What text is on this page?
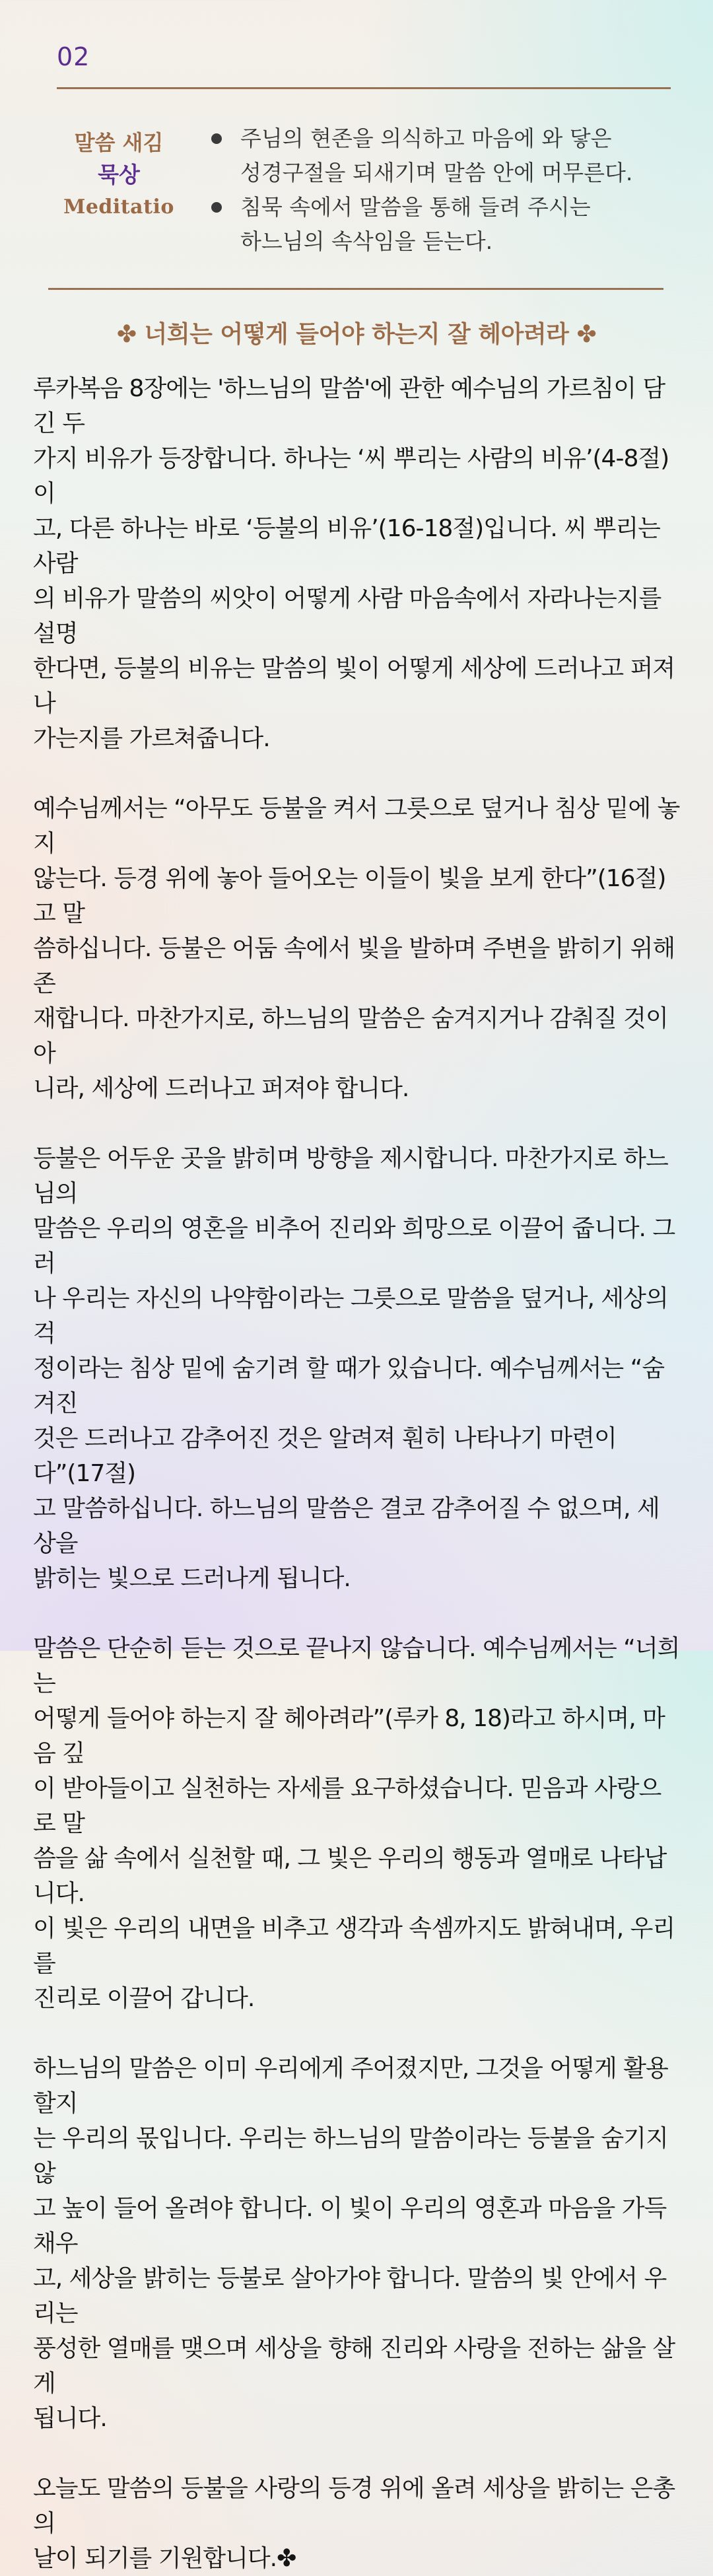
02
말씀 새김
묵상
Meditatio
주님의 현존을 의식하고 마음에 와 닿은 성경구절을 되새기며 말씀 안에 머무른다.
침묵 속에서 말씀을 통해 들려 주시는 하느님의 속삭임을 듣는다.
✤ 너희는 어떻게 들어야 하는지 잘 헤아려라 ✤

루카복음 8장에는 '하느님의 말씀'에 관한 예수님의 가르침이 담긴 두
가지 비유가 등장합니다. 하나는 ‘씨 뿌리는 사람의 비유’(4-8절)이
고, 다른 하나는 바로 ‘등불의 비유’(16-18절)입니다. 씨 뿌리는 사람
의 비유가 말씀의 씨앗이 어떻게 사람 마음속에서 자라나는지를 설명
한다면, 등불의 비유는 말씀의 빛이 어떻게 세상에 드러나고 퍼져 나
가는지를 가르쳐줍니다.

예수님께서는 “아무도 등불을 켜서 그릇으로 덮거나 침상 밑에 놓지
않는다. 등경 위에 놓아 들어오는 이들이 빛을 보게 한다”(16절)고 말
씀하십니다. 등불은 어둠 속에서 빛을 발하며 주변을 밝히기 위해 존
재합니다. 마찬가지로, 하느님의 말씀은 숨겨지거나 감춰질 것이 아
니라, 세상에 드러나고 퍼져야 합니다.

등불은 어두운 곳을 밝히며 방향을 제시합니다. 마찬가지로 하느님의
말씀은 우리의 영혼을 비추어 진리와 희망으로 이끌어 줍니다. 그러
나 우리는 자신의 나약함이라는 그릇으로 말씀을 덮거나, 세상의 걱
정이라는 침상 밑에 숨기려 할 때가 있습니다. 예수님께서는 “숨겨진
것은 드러나고 감추어진 것은 알려져 훤히 나타나기 마련이다”(17절)
고 말씀하십니다. 하느님의 말씀은 결코 감추어질 수 없으며, 세상을
밝히는 빛으로 드러나게 됩니다.

말씀은 단순히 듣는 것으로 끝나지 않습니다. 예수님께서는 “너희는
어떻게 들어야 하는지 잘 헤아려라”(루카 8, 18)라고 하시며, 마음 깊
이 받아들이고 실천하는 자세를 요구하셨습니다. 믿음과 사랑으로 말
씀을 삶 속에서 실천할 때, 그 빛은 우리의 행동과 열매로 나타납니다.
이 빛은 우리의 내면을 비추고 생각과 속셈까지도 밝혀내며, 우리를
진리로 이끌어 갑니다.

하느님의 말씀은 이미 우리에게 주어졌지만, 그것을 어떻게 활용할지
는 우리의 몫입니다. 우리는 하느님의 말씀이라는 등불을 숨기지 않
고 높이 들어 올려야 합니다. 이 빛이 우리의 영혼과 마음을 가득 채우
고, 세상을 밝히는 등불로 살아가야 합니다. 말씀의 빛 안에서 우리는
풍성한 열매를 맺으며 세상을 향해 진리와 사랑을 전하는 삶을 살게
됩니다.

오늘도 말씀의 등불을 사랑의 등경 위에 올려 세상을 밝히는 은총의
날이 되기를 기원합니다.✤
